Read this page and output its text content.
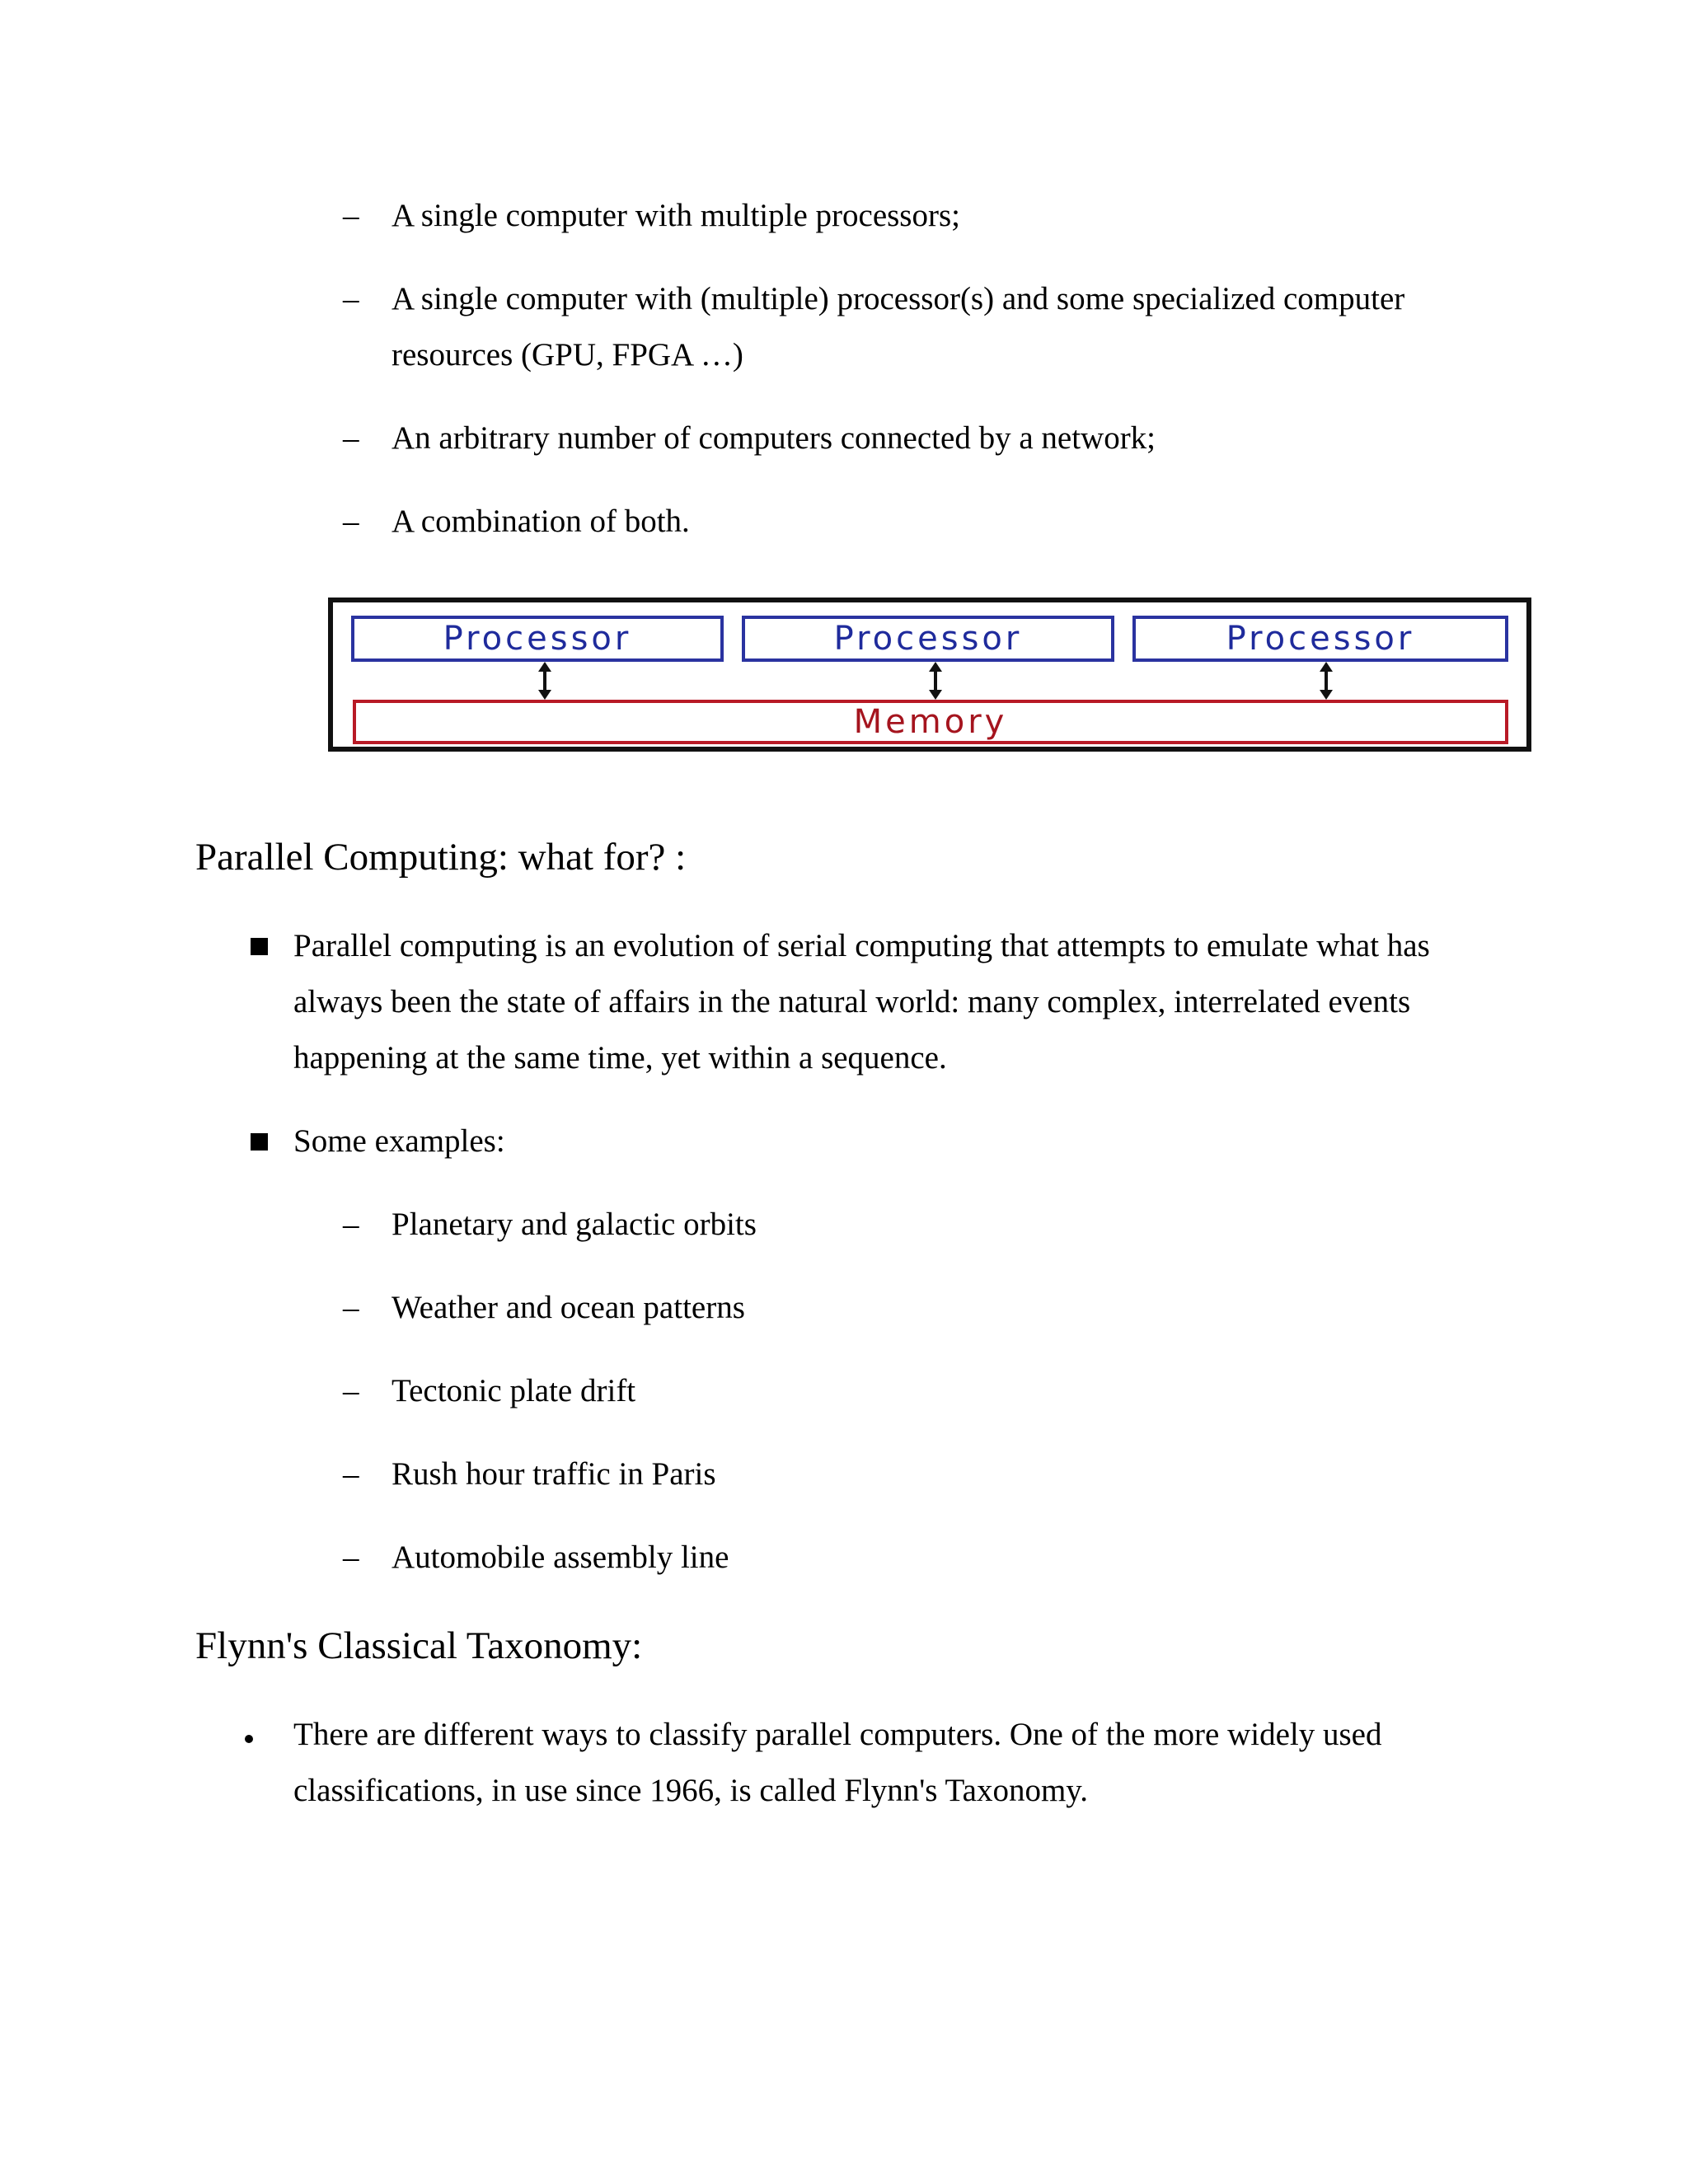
– A single computer with multiple processors;
– A single computer with (multiple) processor(s) and some specialized computer
resources (GPU, FPGA …)
– An arbitrary number of computers connected by a network;
– A combination of both.
Processor	Processor	Processor
Memory
Parallel Computing: what for? :
Parallel computing is an evolution of serial computing that attempts to emulate what has
always been the state of affairs in the natural world: many complex, interrelated events
happening at the same time, yet within a sequence.
Some examples:
– Planetary and galactic orbits
– Weather and ocean patterns
– Tectonic plate drift
– Rush hour traffic in Paris
– Automobile assembly line
Flynn's Classical Taxonomy:
There are different ways to classify parallel computers. One of the more widely used
classifications, in use since 1966, is called Flynn's Taxonomy.
